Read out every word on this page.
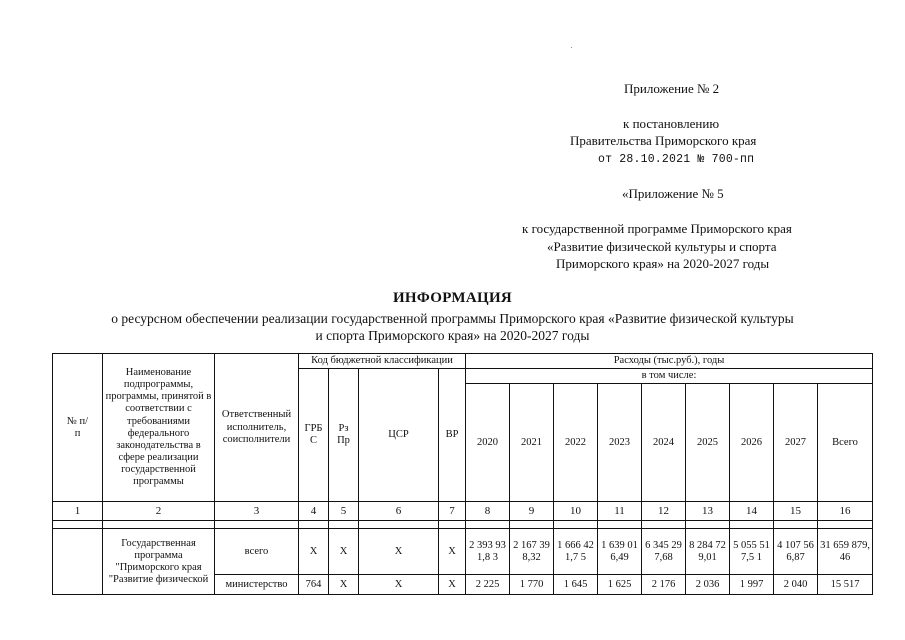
Приложение № 2
к постановлению
Правительства Приморского края
от 28.10.2021 № 700-пп
«Приложение № 5
к государственной программе Приморского края
«Развитие физической культуры и спорта
Приморского края» на 2020-2027 годы
ИНФОРМАЦИЯ
о ресурсном обеспечении реализации государственной программы Приморского края «Развитие физической культуры
и спорта Приморского края» на 2020-2027 годы
№ п/п	Наименование подпрограммы, программы, принятой в соответствии с требованиями федерального законодательства в сфере реализации государственной программы	Ответственный исполнитель, соисполнители	Код бюджетной классификации				Расходы (тыс.руб.), годы								
			ГРБ С	Рз Пр	ЦСР	ВР	в том числе:								
							2020	2021	2022	2023	2024	2025	2026	2027	Всего
1	2	3	4	5	6	7	8	9	10	11	12	13	14	15	16

	Государственная программа "Приморского края "Развитие физической	всего	Х	Х	Х	Х	2 393 931,8 3	2 167 398,32	1 666 421,7 5	1 639 016,49	6 345 297,68	8 284 729,01	5 055 517,5 1	4 107 566,87	31 659 879,46
		министерство	764	Х	Х	Х	2 225	1 770	1 645	1 625	2 176	2 036	1 997	2 040	15 517
